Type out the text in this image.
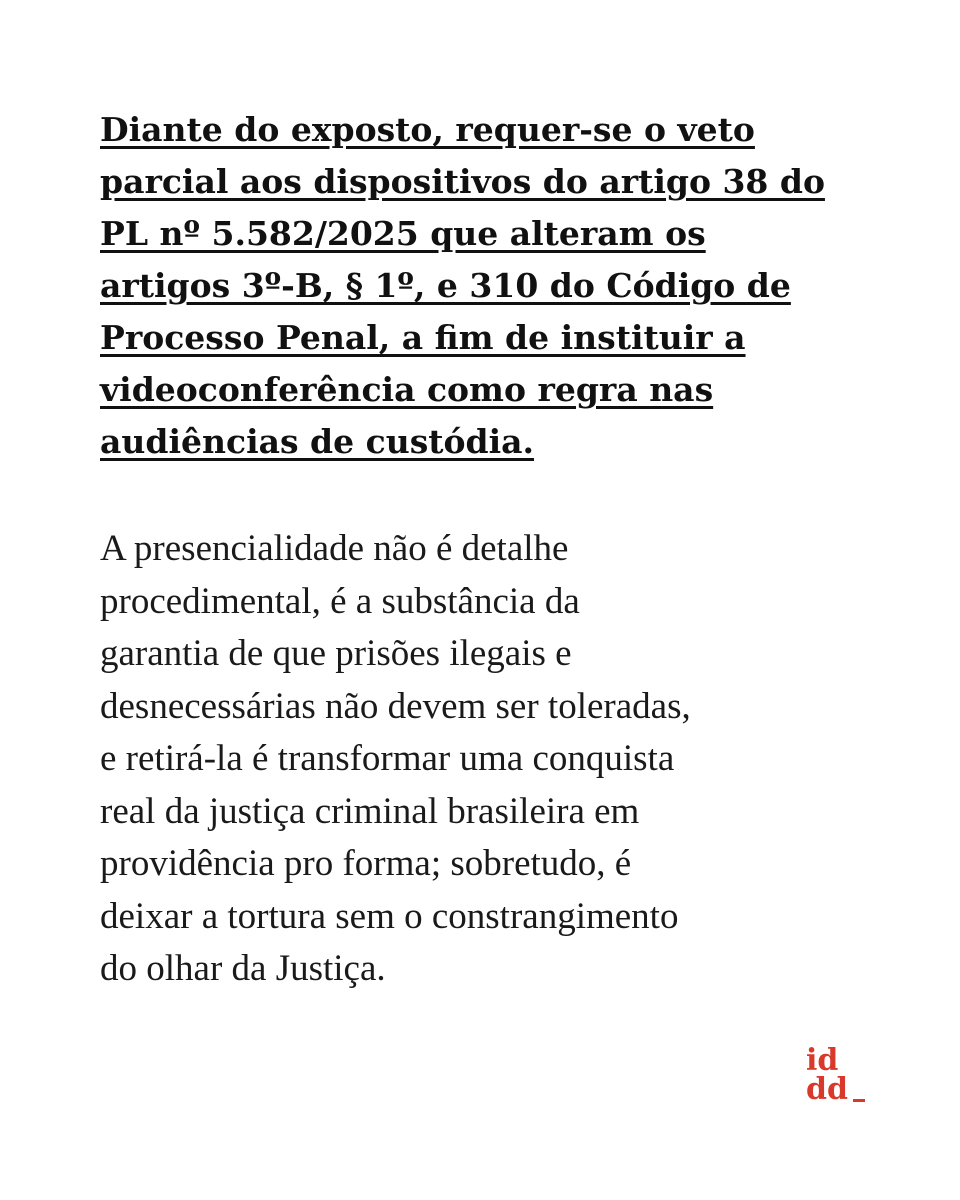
Diante do exposto, requer-se o veto
parcial aos dispositivos do artigo 38 do
PL nº 5.582/2025 que alteram os
artigos 3º-B, § 1º, e 310 do Código de
Processo Penal, a fim de instituir a
videoconferência como regra nas
audiências de custódia.

A presencialidade não é detalhe
procedimental, é a substância da
garantia de que prisões ilegais e
desnecessárias não devem ser toleradas,
e retirá-la é transformar uma conquista
real da justiça criminal brasileira em
providência pro forma; sobretudo, é
deixar a tortura sem o constrangimento
do olhar da Justiça.

id
dd
